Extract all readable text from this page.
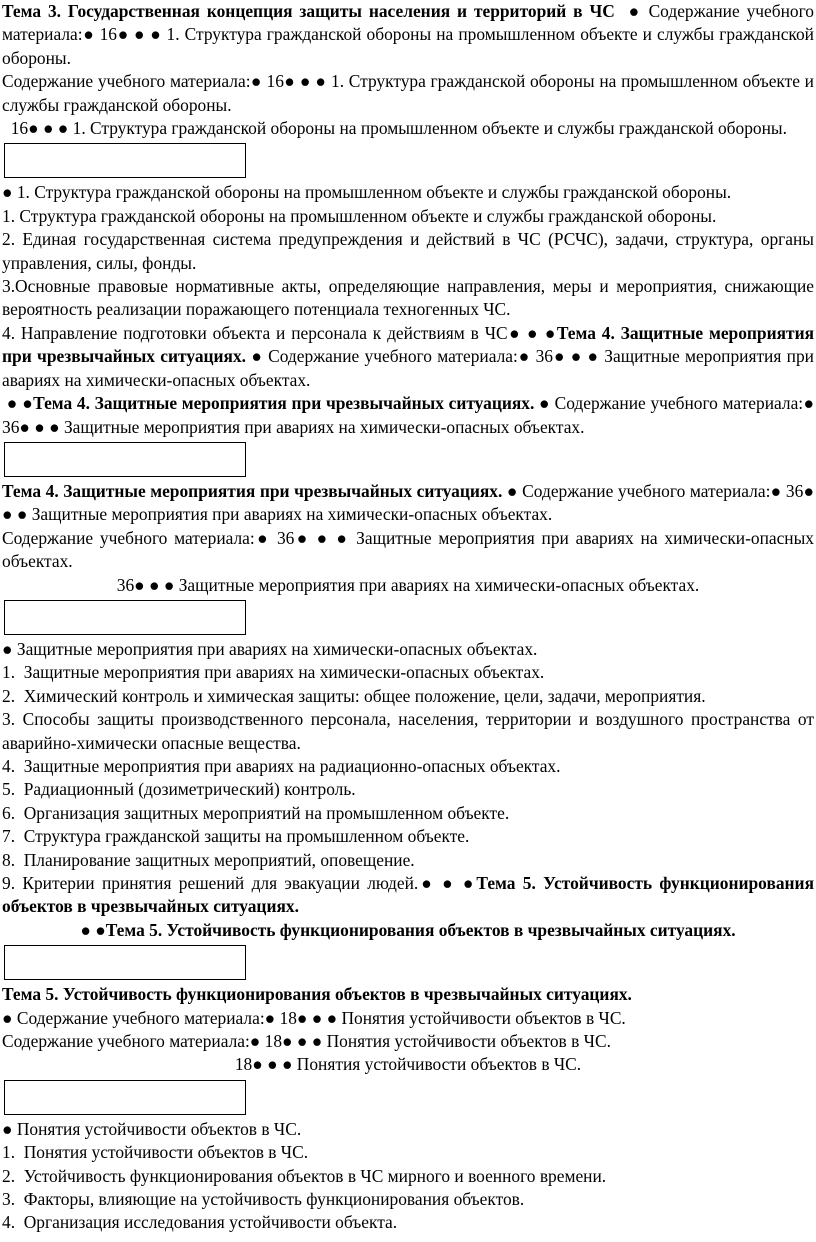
Тема 3. Государственная концепция защиты населения и территорий в ЧС  ● Содержание учебного материала:● 16● ● ● 1. Структура гражданской обороны на промышленном объекте и службы гражданской обороны.

Содержание учебного материала:● 16● ● ● 1. Структура гражданской обороны на промышленном объекте и службы гражданской обороны.

16● ● ● 1. Структура гражданской обороны на промышленном объекте и службы гражданской обороны.

● 1. Структура гражданской обороны на промышленном объекте и службы гражданской обороны.

1. Структура гражданской обороны на промышленном объекте и службы гражданской обороны.

2. Единая государственная система предупреждения и действий в ЧС (РСЧС), задачи, структура, органы управления, силы, фонды.

3.Основные правовые нормативные акты, определяющие направления, меры и мероприятия, снижающие вероятность реализации поражающего потенциала техногенных ЧС.

4. Направление подготовки объекта и персонала к действиям в ЧС● ● ●Тема 4. Защитные мероприятия при чрезвычайных ситуациях. ● Содержание учебного материала:● 36● ● ● Защитные мероприятия при авариях на химически-опасных объектах.

● ●Тема 4. Защитные мероприятия при чрезвычайных ситуациях. ● Содержание учебного материала:● 36● ● ● Защитные мероприятия при авариях на химически-опасных объектах.

Тема 4. Защитные мероприятия при чрезвычайных ситуациях. ● Содержание учебного материала:● 36● ● ● Защитные мероприятия при авариях на химически-опасных объектах.

Содержание учебного материала:● 36● ● ● Защитные мероприятия при авариях на химически-опасных объектах.

36● ● ● Защитные мероприятия при авариях на химически-опасных объектах.

● Защитные мероприятия при авариях на химически-опасных объектах.

1.  Защитные мероприятия при авариях на химически-опасных объектах.

2.  Химический контроль и химическая защиты: общее положение, цели, задачи, мероприятия.

3. Способы защиты производственного персонала, населения, территории и воздушного пространства от аварийно-химически опасные вещества.

4.  Защитные мероприятия при авариях на радиационно-опасных объектах.

5.  Радиационный (дозиметрический) контроль.

6.  Организация защитных мероприятий на промышленном объекте.

7.  Структура гражданской защиты на промышленном объекте.

8.  Планирование защитных мероприятий, оповещение.

9. Критерии принятия решений для эвакуации людей.● ● ●Тема 5. Устойчивость функционирования объектов в чрезвычайных ситуациях.

● ●Тема 5. Устойчивость функционирования объектов в чрезвычайных ситуациях.

Тема 5. Устойчивость функционирования объектов в чрезвычайных ситуациях.

● Содержание учебного материала:● 18● ● ● Понятия устойчивости объектов в ЧС.

Содержание учебного материала:● 18● ● ● Понятия устойчивости объектов в ЧС.

18● ● ● Понятия устойчивости объектов в ЧС.

● Понятия устойчивости объектов в ЧС.

1.  Понятия устойчивости объектов в ЧС.

2.  Устойчивость функционирования объектов в ЧС мирного и военного времени.

3.  Факторы, влияющие на устойчивость функционирования объектов.

4.  Организация исследования устойчивости объекта.
